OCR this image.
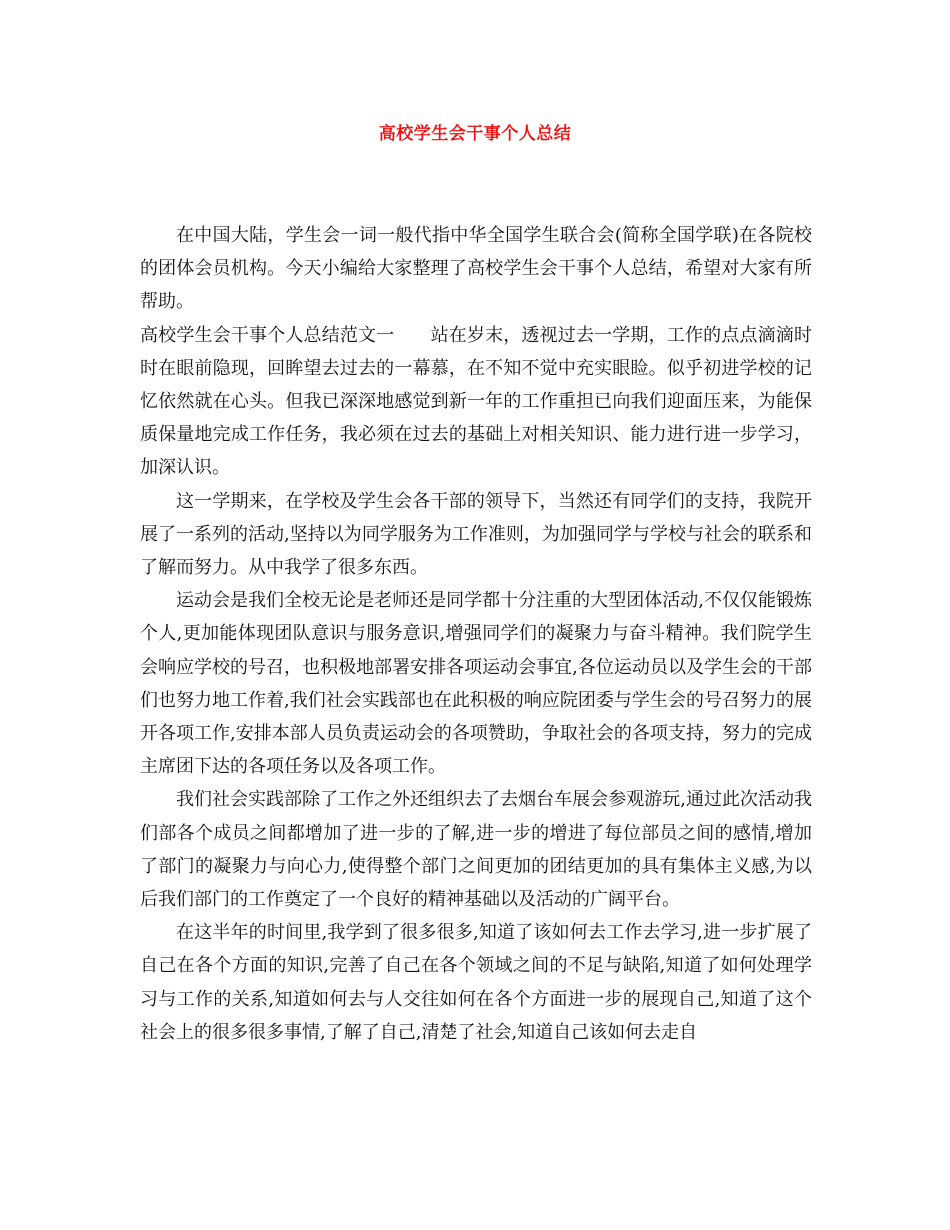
高校学生会干事个人总结

在中国大陆，学生会一词一般代指中华全国学生联合会(简称全国学联)在各院校的团体会员机构。今天小编给大家整理了高校学生会干事个人总结，希望对大家有所帮助。

高校学生会干事个人总结范文一 站在岁末，透视过去一学期，工作的点点滴滴时时在眼前隐现，回眸望去过去的一幕慕，在不知不觉中充实眼睑。似乎初进学校的记忆依然就在心头。但我已深深地感觉到新一年的工作重担已向我们迎面压来，为能保质保量地完成工作任务，我必须在过去的基础上对相关知识、能力进行进一步学习，加深认识。

这一学期来，在学校及学生会各干部的领导下，当然还有同学们的支持，我院开展了一系列的活动,坚持以为同学服务为工作准则，为加强同学与学校与社会的联系和了解而努力。从中我学了很多东西。

运动会是我们全校无论是老师还是同学都十分注重的大型团体活动,不仅仅能锻炼个人,更加能体现团队意识与服务意识,增强同学们的凝聚力与奋斗精神。我们院学生会响应学校的号召，也积极地部署安排各项运动会事宜,各位运动员以及学生会的干部们也努力地工作着,我们社会实践部也在此积极的响应院团委与学生会的号召努力的展开各项工作,安排本部人员负责运动会的各项赞助，争取社会的各项支持，努力的完成主席团下达的各项任务以及各项工作。

我们社会实践部除了工作之外还组织去了去烟台车展会参观游玩,通过此次活动我们部各个成员之间都增加了进一步的了解,进一步的增进了每位部员之间的感情,增加了部门的凝聚力与向心力,使得整个部门之间更加的团结更加的具有集体主义感,为以后我们部门的工作奠定了一个良好的精神基础以及活动的广阔平台。

在这半年的时间里,我学到了很多很多,知道了该如何去工作去学习,进一步扩展了自己在各个方面的知识,完善了自己在各个领域之间的不足与缺陷,知道了如何处理学习与工作的关系,知道如何去与人交往如何在各个方面进一步的展现自己,知道了这个社会上的很多很多事情,了解了自己,清楚了社会,知道自己该如何去走自
